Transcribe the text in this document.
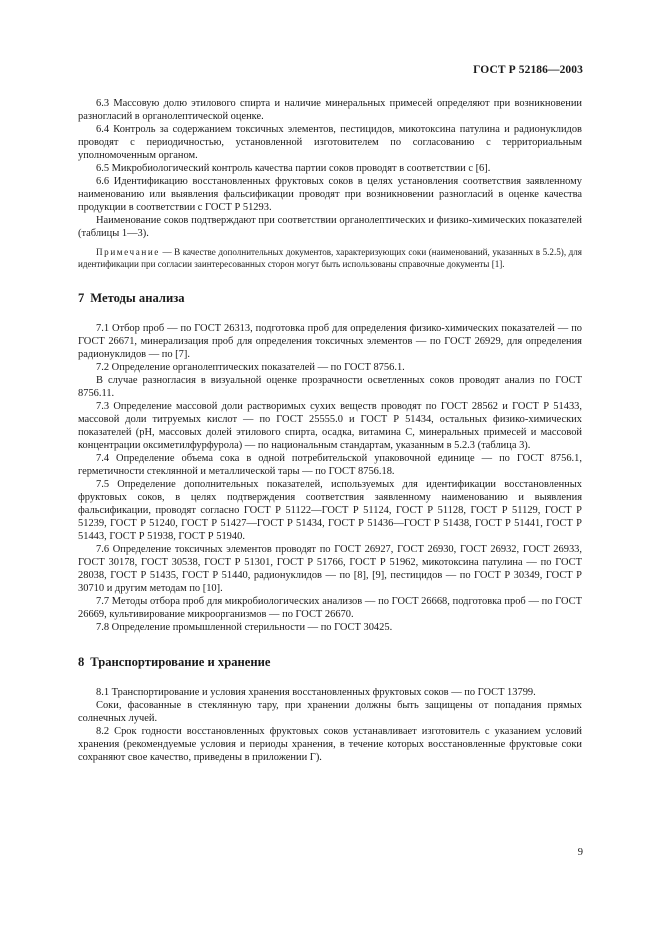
ГОСТ Р 52186—2003

6.3 Массовую долю этилового спирта и наличие минеральных примесей определяют при возникновении разногласий в органолептической оценке.

6.4 Контроль за содержанием токсичных элементов, пестицидов, микотоксина патулина и радионуклидов проводят с периодичностью, установленной изготовителем по согласованию с территориальным уполномоченным органом.

6.5 Микробиологический контроль качества партии соков проводят в соответствии с [6].

6.6 Идентификацию восстановленных фруктовых соков в целях установления соответствия заявленному наименованию или выявления фальсификации проводят при возникновении разногласий в оценке качества продукции в соответствии с ГОСТ Р 51293.

Наименование соков подтверждают при соответствии органолептических и физико-химических показателей (таблицы 1—3).

Примечание — В качестве дополнительных документов, характеризующих соки (наименований, указанных в 5.2.5), для идентификации при согласии заинтересованных сторон могут быть использованы справочные документы [1].

7 Методы анализа

7.1 Отбор проб — по ГОСТ 26313, подготовка проб для определения физико-химических показателей — по ГОСТ 26671, минерализация проб для определения токсичных элементов — по ГОСТ 26929, для определения радионуклидов — по [7].

7.2 Определение органолептических показателей — по ГОСТ 8756.1.

В случае разногласия в визуальной оценке прозрачности осветленных соков проводят анализ по ГОСТ 8756.11.

7.3 Определение массовой доли растворимых сухих веществ проводят по ГОСТ 28562 и ГОСТ Р 51433, массовой доли титруемых кислот — по ГОСТ 25555.0 и ГОСТ Р 51434, остальных физико-химических показателей (рН, массовых долей этилового спирта, осадка, витамина С, минеральных примесей и массовой концентрации оксиметилфурфурола) — по национальным стандартам, указанным в 5.2.3 (таблица 3).

7.4 Определение объема сока в одной потребительской упаковочной единице — по ГОСТ 8756.1, герметичности стеклянной и металлической тары — по ГОСТ 8756.18.

7.5 Определение дополнительных показателей, используемых для идентификации восстановленных фруктовых соков, в целях подтверждения соответствия заявленному наименованию и выявления фальсификации, проводят согласно ГОСТ Р 51122—ГОСТ Р 51124, ГОСТ Р 51128, ГОСТ Р 51129, ГОСТ Р 51239, ГОСТ Р 51240, ГОСТ Р 51427—ГОСТ Р 51434, ГОСТ Р 51436—ГОСТ Р 51438, ГОСТ Р 51441, ГОСТ Р 51443, ГОСТ Р 51938, ГОСТ Р 51940.

7.6 Определение токсичных элементов проводят по ГОСТ 26927, ГОСТ 26930, ГОСТ 26932, ГОСТ 26933, ГОСТ 30178, ГОСТ 30538, ГОСТ Р 51301, ГОСТ Р 51766, ГОСТ Р 51962, микотоксина патулина — по ГОСТ 28038, ГОСТ Р 51435, ГОСТ Р 51440, радионуклидов — по [8], [9], пестицидов — по ГОСТ Р 30349, ГОСТ Р 30710 и другим методам по [10].

7.7 Методы отбора проб для микробиологических анализов — по ГОСТ 26668, подготовка проб — по ГОСТ 26669, культивирование микроорганизмов — по ГОСТ 26670.

7.8 Определение промышленной стерильности — по ГОСТ 30425.

8 Транспортирование и хранение

8.1 Транспортирование и условия хранения восстановленных фруктовых соков — по ГОСТ 13799.

Соки, фасованные в стеклянную тару, при хранении должны быть защищены от попадания прямых солнечных лучей.

8.2 Срок годности восстановленных фруктовых соков устанавливает изготовитель с указанием условий хранения (рекомендуемые условия и периоды хранения, в течение которых восстановленные фруктовые соки сохраняют свое качество, приведены в приложении Г).

9
